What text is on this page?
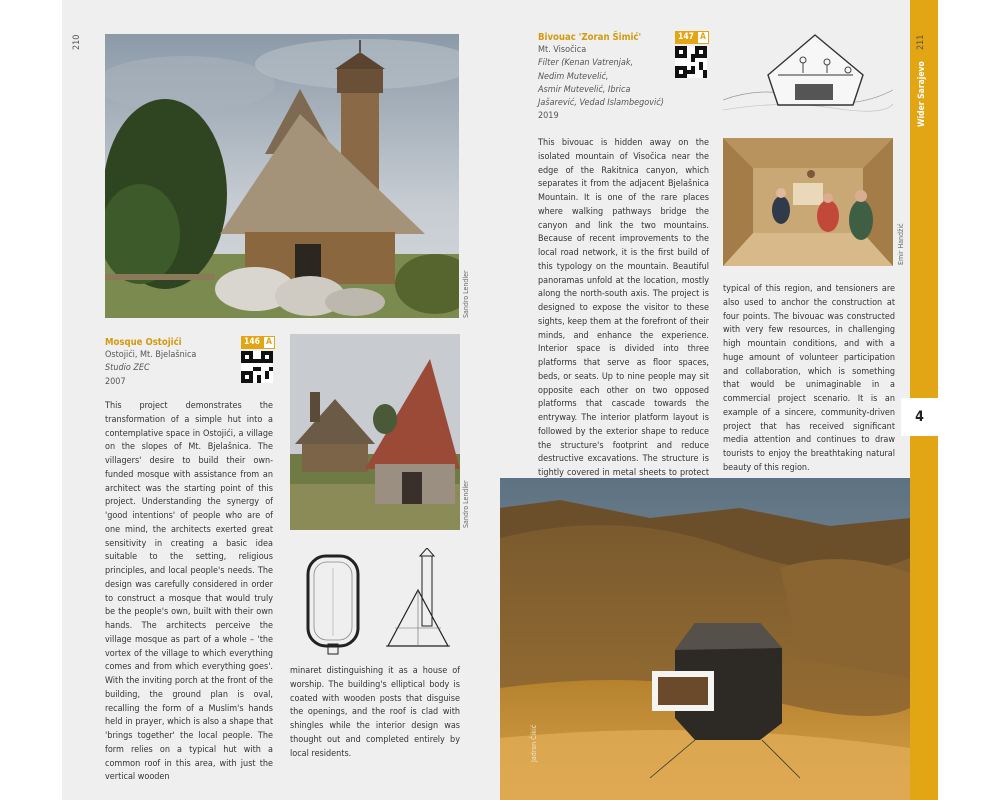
4
210	211
Wider Sarajevo
Sandro Lendler
Mosque Ostojići
Ostojići, Mt. Bjelašnica
Studio ZEC
2007
146 A
Sandro Lendler
This project demonstrates the transformation of a simple hut into a contemplative space in Ostojići, a village on the slopes of Mt. Bjelašnica. The villagers' desire to build their own-funded mosque with assistance from an architect was the starting point of this project. Understanding the synergy of 'good intentions' of people who are of one mind, the architects exerted great sensitivity in creating a basic idea suitable to the setting, religious principles, and local people's needs. The design was carefully considered in order to construct a mosque that would truly be the people's own, built with their own hands. The architects perceive the village mosque as part of a whole – 'the vortex of the village to which everything comes and from which everything goes'. With the inviting porch at the front of the building, the ground plan is oval, recalling the form of a Muslim's hands held in prayer, which is also a shape that 'brings together' the local people. The form relies on a typical hut with a common roof in this area, with just the vertical wooden
minaret distinguishing it as a house of worship. The building's elliptical body is coated with wooden posts that disguise the openings, and the roof is clad with shingles while the interior design was thought out and completed entirely by local residents.
Bivouac 'Zoran Šimić'
Mt. Visočica
Filter (Kenan Vatrenjak,
Nedim Mutevelić,
Asmir Mutevelić, Ibrica
Jašarević, Vedad Islambegović)
2019
147 A
Emir Handžić
This bivouac is hidden away on the isolated mountain of Visočica near the edge of the Rakitnica canyon, which separates it from the adjacent Bjelašnica Mountain. It is one of the rare places where walking pathways bridge the canyon and link the two mountains. Because of recent improvements to the local road network, it is the first build of this typology on the mountain. Beautiful panoramas unfold at the location, mostly along the north-south axis. The project is designed to expose the visitor to these sights, keep them at the forefront of their minds, and enhance the experience. Interior space is divided into three platforms that serve as floor spaces, beds, or seats. Up to nine people may sit opposite each other on two opposed platforms that cascade towards the entryway. The interior platform layout is followed by the exterior shape to reduce the structure's footprint and reduce destructive excavations. The structure is tightly covered in metal sheets to protect
typical of this region, and tensioners are also used to anchor the construction at four points. The bivouac was constructed with very few resources, in challenging high mountain conditions, and with a huge amount of volunteer participation and collaboration, which is something that would be unimaginable in a commercial project scenario. It is an example of a sincere, community-driven project that has received significant media attention and continues to draw tourists to enjoy the breathtaking natural beauty of this region.
Jadran Čikić
